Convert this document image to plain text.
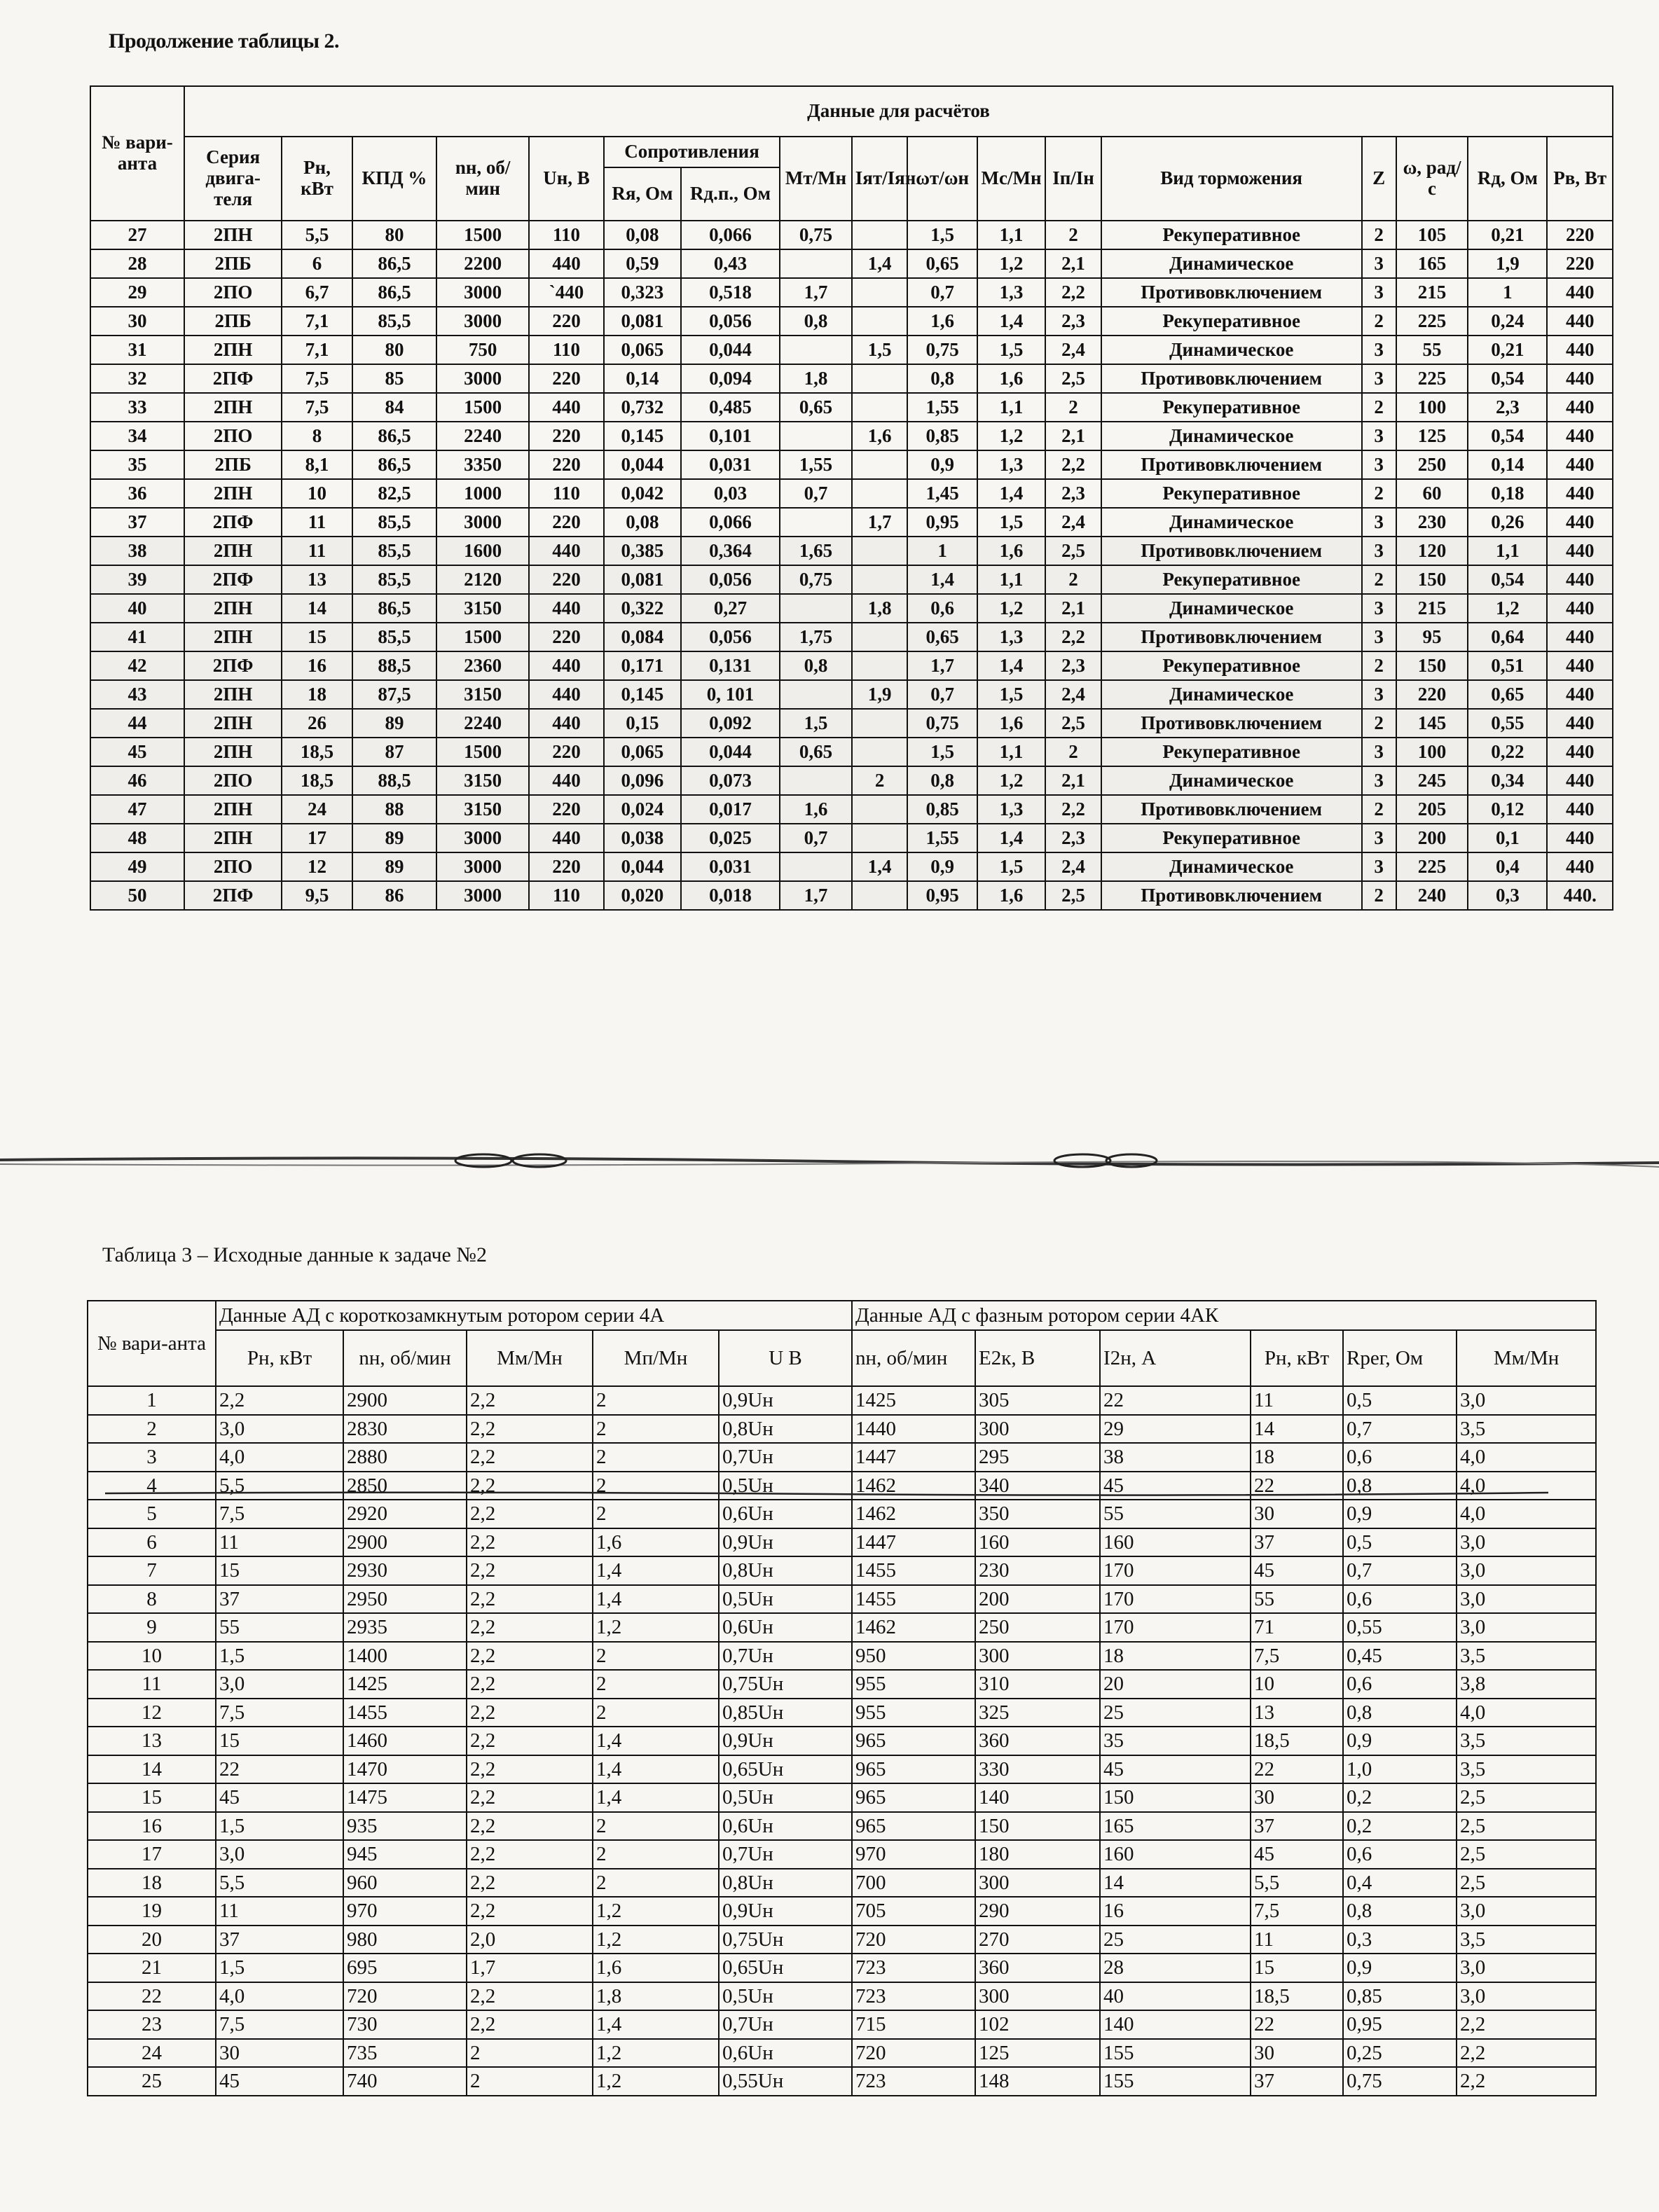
Продолжение таблицы 2.
№ вари-анта	Данные для расчётов																
	Серия двига-теля	Pн, кВт	КПД %	nн, об/мин	Uн, В	Сопротивления		Mт/Mн	Iят/Iян	ωт/ωн	Mс/Mн	Iп/Iн	Вид торможения	Z	ω, рад/с	Rд, Ом	Pв, Вт
						Rя, Ом	Rд.п., Ом										
27	2ПН	5,5	80	1500	110	0,08	0,066	0,75		1,5	1,1	2	Рекуперативное	2	105	0,21	220
28	2ПБ	6	86,5	2200	440	0,59	0,43		1,4	0,65	1,2	2,1	Динамическое	3	165	1,9	220
29	2ПО	6,7	86,5	3000	`440	0,323	0,518	1,7		0,7	1,3	2,2	Противовключением	3	215	1	440
30	2ПБ	7,1	85,5	3000	220	0,081	0,056	0,8		1,6	1,4	2,3	Рекуперативное	2	225	0,24	440
31	2ПН	7,1	80	750	110	0,065	0,044		1,5	0,75	1,5	2,4	Динамическое	3	55	0,21	440
32	2ПФ	7,5	85	3000	220	0,14	0,094	1,8		0,8	1,6	2,5	Противовключением	3	225	0,54	440
33	2ПН	7,5	84	1500	440	0,732	0,485	0,65		1,55	1,1	2	Рекуперативное	2	100	2,3	440
34	2ПО	8	86,5	2240	220	0,145	0,101		1,6	0,85	1,2	2,1	Динамическое	3	125	0,54	440
35	2ПБ	8,1	86,5	3350	220	0,044	0,031	1,55		0,9	1,3	2,2	Противовключением	3	250	0,14	440
36	2ПН	10	82,5	1000	110	0,042	0,03	0,7		1,45	1,4	2,3	Рекуперативное	2	60	0,18	440
37	2ПФ	11	85,5	3000	220	0,08	0,066		1,7	0,95	1,5	2,4	Динамическое	3	230	0,26	440
38	2ПН	11	85,5	1600	440	0,385	0,364	1,65		1	1,6	2,5	Противовключением	3	120	1,1	440
39	2ПФ	13	85,5	2120	220	0,081	0,056	0,75		1,4	1,1	2	Рекуперативное	2	150	0,54	440
40	2ПН	14	86,5	3150	440	0,322	0,27		1,8	0,6	1,2	2,1	Динамическое	3	215	1,2	440
41	2ПН	15	85,5	1500	220	0,084	0,056	1,75		0,65	1,3	2,2	Противовключением	3	95	0,64	440
42	2ПФ	16	88,5	2360	440	0,171	0,131	0,8		1,7	1,4	2,3	Рекуперативное	2	150	0,51	440
43	2ПН	18	87,5	3150	440	0,145	0, 101		1,9	0,7	1,5	2,4	Динамическое	3	220	0,65	440
44	2ПН	26	89	2240	440	0,15	0,092	1,5		0,75	1,6	2,5	Противовключением	2	145	0,55	440
45	2ПН	18,5	87	1500	220	0,065	0,044	0,65		1,5	1,1	2	Рекуперативное	3	100	0,22	440
46	2ПО	18,5	88,5	3150	440	0,096	0,073		2	0,8	1,2	2,1	Динамическое	3	245	0,34	440
47	2ПН	24	88	3150	220	0,024	0,017	1,6		0,85	1,3	2,2	Противовключением	2	205	0,12	440
48	2ПН	17	89	3000	440	0,038	0,025	0,7		1,55	1,4	2,3	Рекуперативное	3	200	0,1	440
49	2ПО	12	89	3000	220	0,044	0,031		1,4	0,9	1,5	2,4	Динамическое	3	225	0,4	440
50	2ПФ	9,5	86	3000	110	0,020	0,018	1,7		0,95	1,6	2,5	Противовключением	2	240	0,3	440.
Таблица 3 – Исходные данные к задаче №2
№ вари-анта	Данные АД с короткозамкнутым ротором серии 4А					Данные АД с фазным ротором серии 4АК					
	Pн, кВт	nн, об/мин	Mм/Mн	Mп/Mн	U В	nн, об/мин	E2к, В	I2н, А	Pн, кВт	Rрег, Ом	Mм/Mн
1	2,2	2900	2,2	2	0,9Uн	1425	305	22	11	0,5	3,0
2	3,0	2830	2,2	2	0,8Uн	1440	300	29	14	0,7	3,5
3	4,0	2880	2,2	2	0,7Uн	1447	295	38	18	0,6	4,0
4	5,5	2850	2,2	2	0,5Uн	1462	340	45	22	0,8	4,0
5	7,5	2920	2,2	2	0,6Uн	1462	350	55	30	0,9	4,0
6	11	2900	2,2	1,6	0,9Uн	1447	160	160	37	0,5	3,0
7	15	2930	2,2	1,4	0,8Uн	1455	230	170	45	0,7	3,0
8	37	2950	2,2	1,4	0,5Uн	1455	200	170	55	0,6	3,0
9	55	2935	2,2	1,2	0,6Uн	1462	250	170	71	0,55	3,0
10	1,5	1400	2,2	2	0,7Uн	950	300	18	7,5	0,45	3,5
11	3,0	1425	2,2	2	0,75Uн	955	310	20	10	0,6	3,8
12	7,5	1455	2,2	2	0,85Uн	955	325	25	13	0,8	4,0
13	15	1460	2,2	1,4	0,9Uн	965	360	35	18,5	0,9	3,5
14	22	1470	2,2	1,4	0,65Uн	965	330	45	22	1,0	3,5
15	45	1475	2,2	1,4	0,5Uн	965	140	150	30	0,2	2,5
16	1,5	935	2,2	2	0,6Uн	965	150	165	37	0,2	2,5
17	3,0	945	2,2	2	0,7Uн	970	180	160	45	0,6	2,5
18	5,5	960	2,2	2	0,8Uн	700	300	14	5,5	0,4	2,5
19	11	970	2,2	1,2	0,9Uн	705	290	16	7,5	0,8	3,0
20	37	980	2,0	1,2	0,75Uн	720	270	25	11	0,3	3,5
21	1,5	695	1,7	1,6	0,65Uн	723	360	28	15	0,9	3,0
22	4,0	720	2,2	1,8	0,5Uн	723	300	40	18,5	0,85	3,0
23	7,5	730	2,2	1,4	0,7Uн	715	102	140	22	0,95	2,2
24	30	735	2	1,2	0,6Uн	720	125	155	30	0,25	2,2
25	45	740	2	1,2	0,55Uн	723	148	155	37	0,75	2,2
